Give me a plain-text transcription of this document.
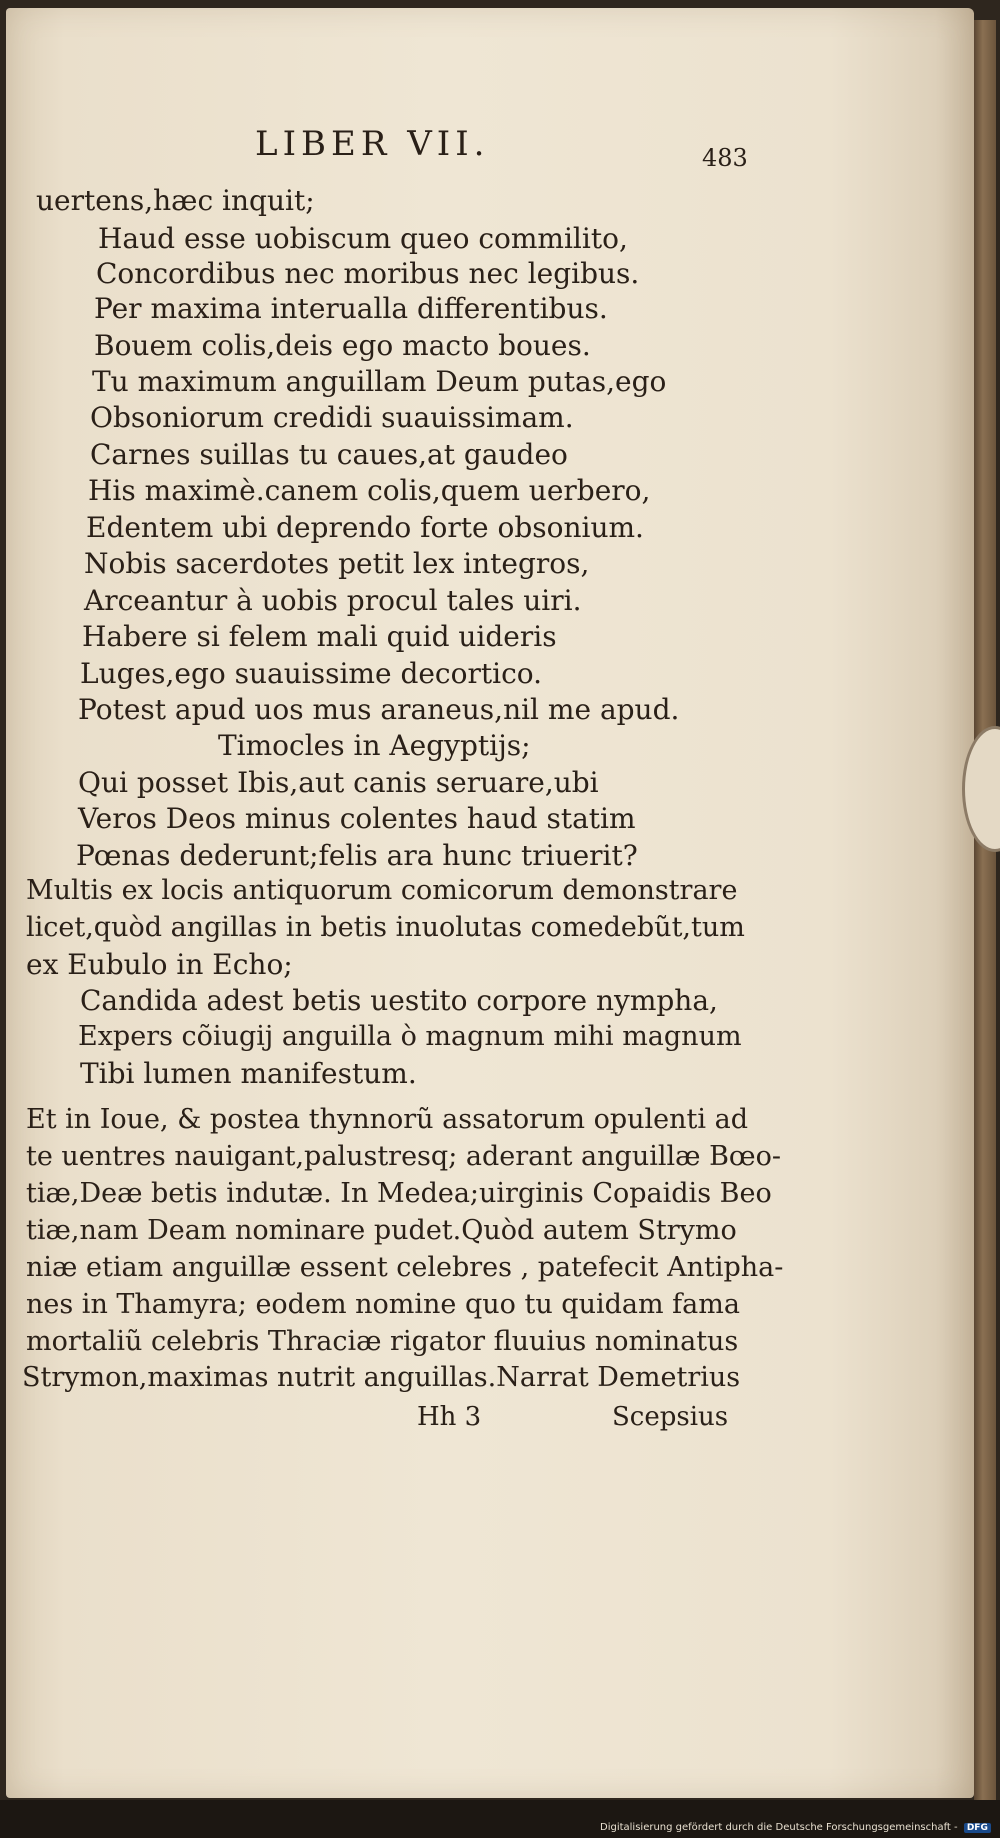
LIBER VII.	483
uertens,hæc inquit;
Haud esse uobiscum queo commilito,
Concordibus nec moribus nec legibus.
Per maxima interualla differentibus.
Bouem colis,deis ego macto boues.
Tu maximum anguillam Deum putas,ego
Obsoniorum credidi suauissimam.
Carnes suillas tu caues,at gaudeo
His maximè.canem colis,quem uerbero,
Edentem ubi deprendo forte obsonium.
Nobis sacerdotes petit lex integros,
Arceantur à uobis procul tales uiri.
Habere si felem mali quid uideris
Luges,ego suauissime decortico.
Potest apud uos mus araneus,nil me apud.
Timocles in Aegyptijs;
Qui posset Ibis,aut canis seruare,ubi
Veros Deos minus colentes haud statim
Pœnas dederunt;felis ara hunc triuerit?
Multis ex locis antiquorum comicorum demonstrare
licet,quòd angillas in betis inuolutas comedebũt,tum
ex Eubulo in Echo;
Candida adest betis uestito corpore nympha,
Expers cõiugij anguilla ò magnum mihi magnum
Tibi lumen manifestum.
Et in Ioue, & postea thynnorũ assatorum opulenti ad
te uentres nauigant,palustresq; aderant anguillæ Bœo-
tiæ,Deæ betis indutæ. In Medea;uirginis Copaidis Beo
tiæ,nam Deam nominare pudet.Quòd autem Strymo
niæ etiam anguillæ essent celebres , patefecit Antipha-
nes in Thamyra; eodem nomine quo tu quidam fama
mortaliũ celebris Thraciæ rigator fluuius nominatus
Strymon,maximas nutrit anguillas.Narrat Demetrius
Hh 3	Scepsius
Digitalisierung gefördert durch die Deutsche Forschungsgemeinschaft - DFG
